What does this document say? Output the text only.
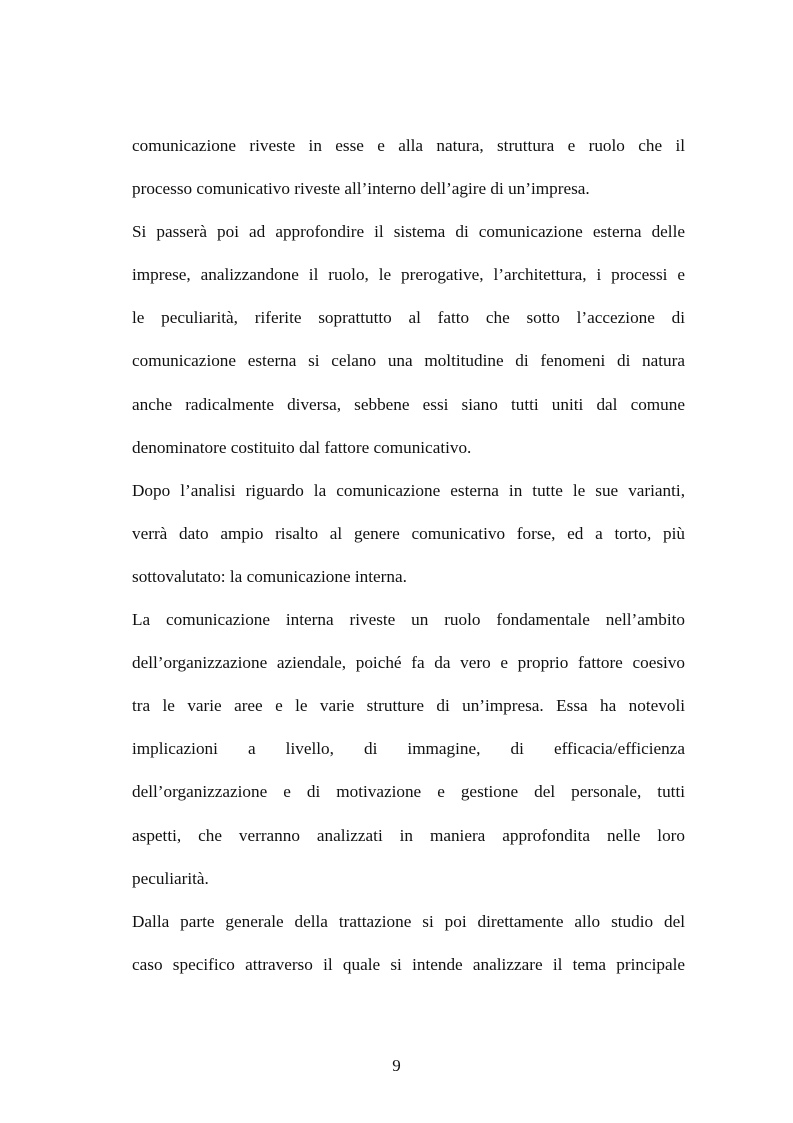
comunicazione riveste in esse e alla natura, struttura e ruolo che il
processo comunicativo riveste all’interno dell’agire di un’impresa.
Si passerà poi ad approfondire il sistema di comunicazione esterna delle
imprese, analizzandone il ruolo, le prerogative, l’architettura, i processi e
le peculiarità, riferite soprattutto al fatto che sotto l’accezione di
comunicazione esterna si celano una moltitudine di fenomeni di natura
anche radicalmente diversa, sebbene essi siano tutti uniti dal comune
denominatore costituito dal fattore comunicativo.
Dopo l’analisi riguardo la comunicazione esterna in tutte le sue varianti,
verrà dato ampio risalto al genere comunicativo forse, ed a torto, più
sottovalutato: la comunicazione interna.
La comunicazione interna riveste un ruolo fondamentale nell’ambito
dell’organizzazione aziendale, poiché fa da vero e proprio fattore coesivo
tra le varie aree e le varie strutture di un’impresa. Essa ha notevoli
implicazioni a livello, di immagine, di efficacia/efficienza
dell’organizzazione e di motivazione e gestione del personale, tutti
aspetti, che verranno analizzati in maniera approfondita nelle loro
peculiarità.
Dalla parte generale della trattazione si poi direttamente allo studio del
caso specifico attraverso il quale si intende analizzare il tema principale
9
